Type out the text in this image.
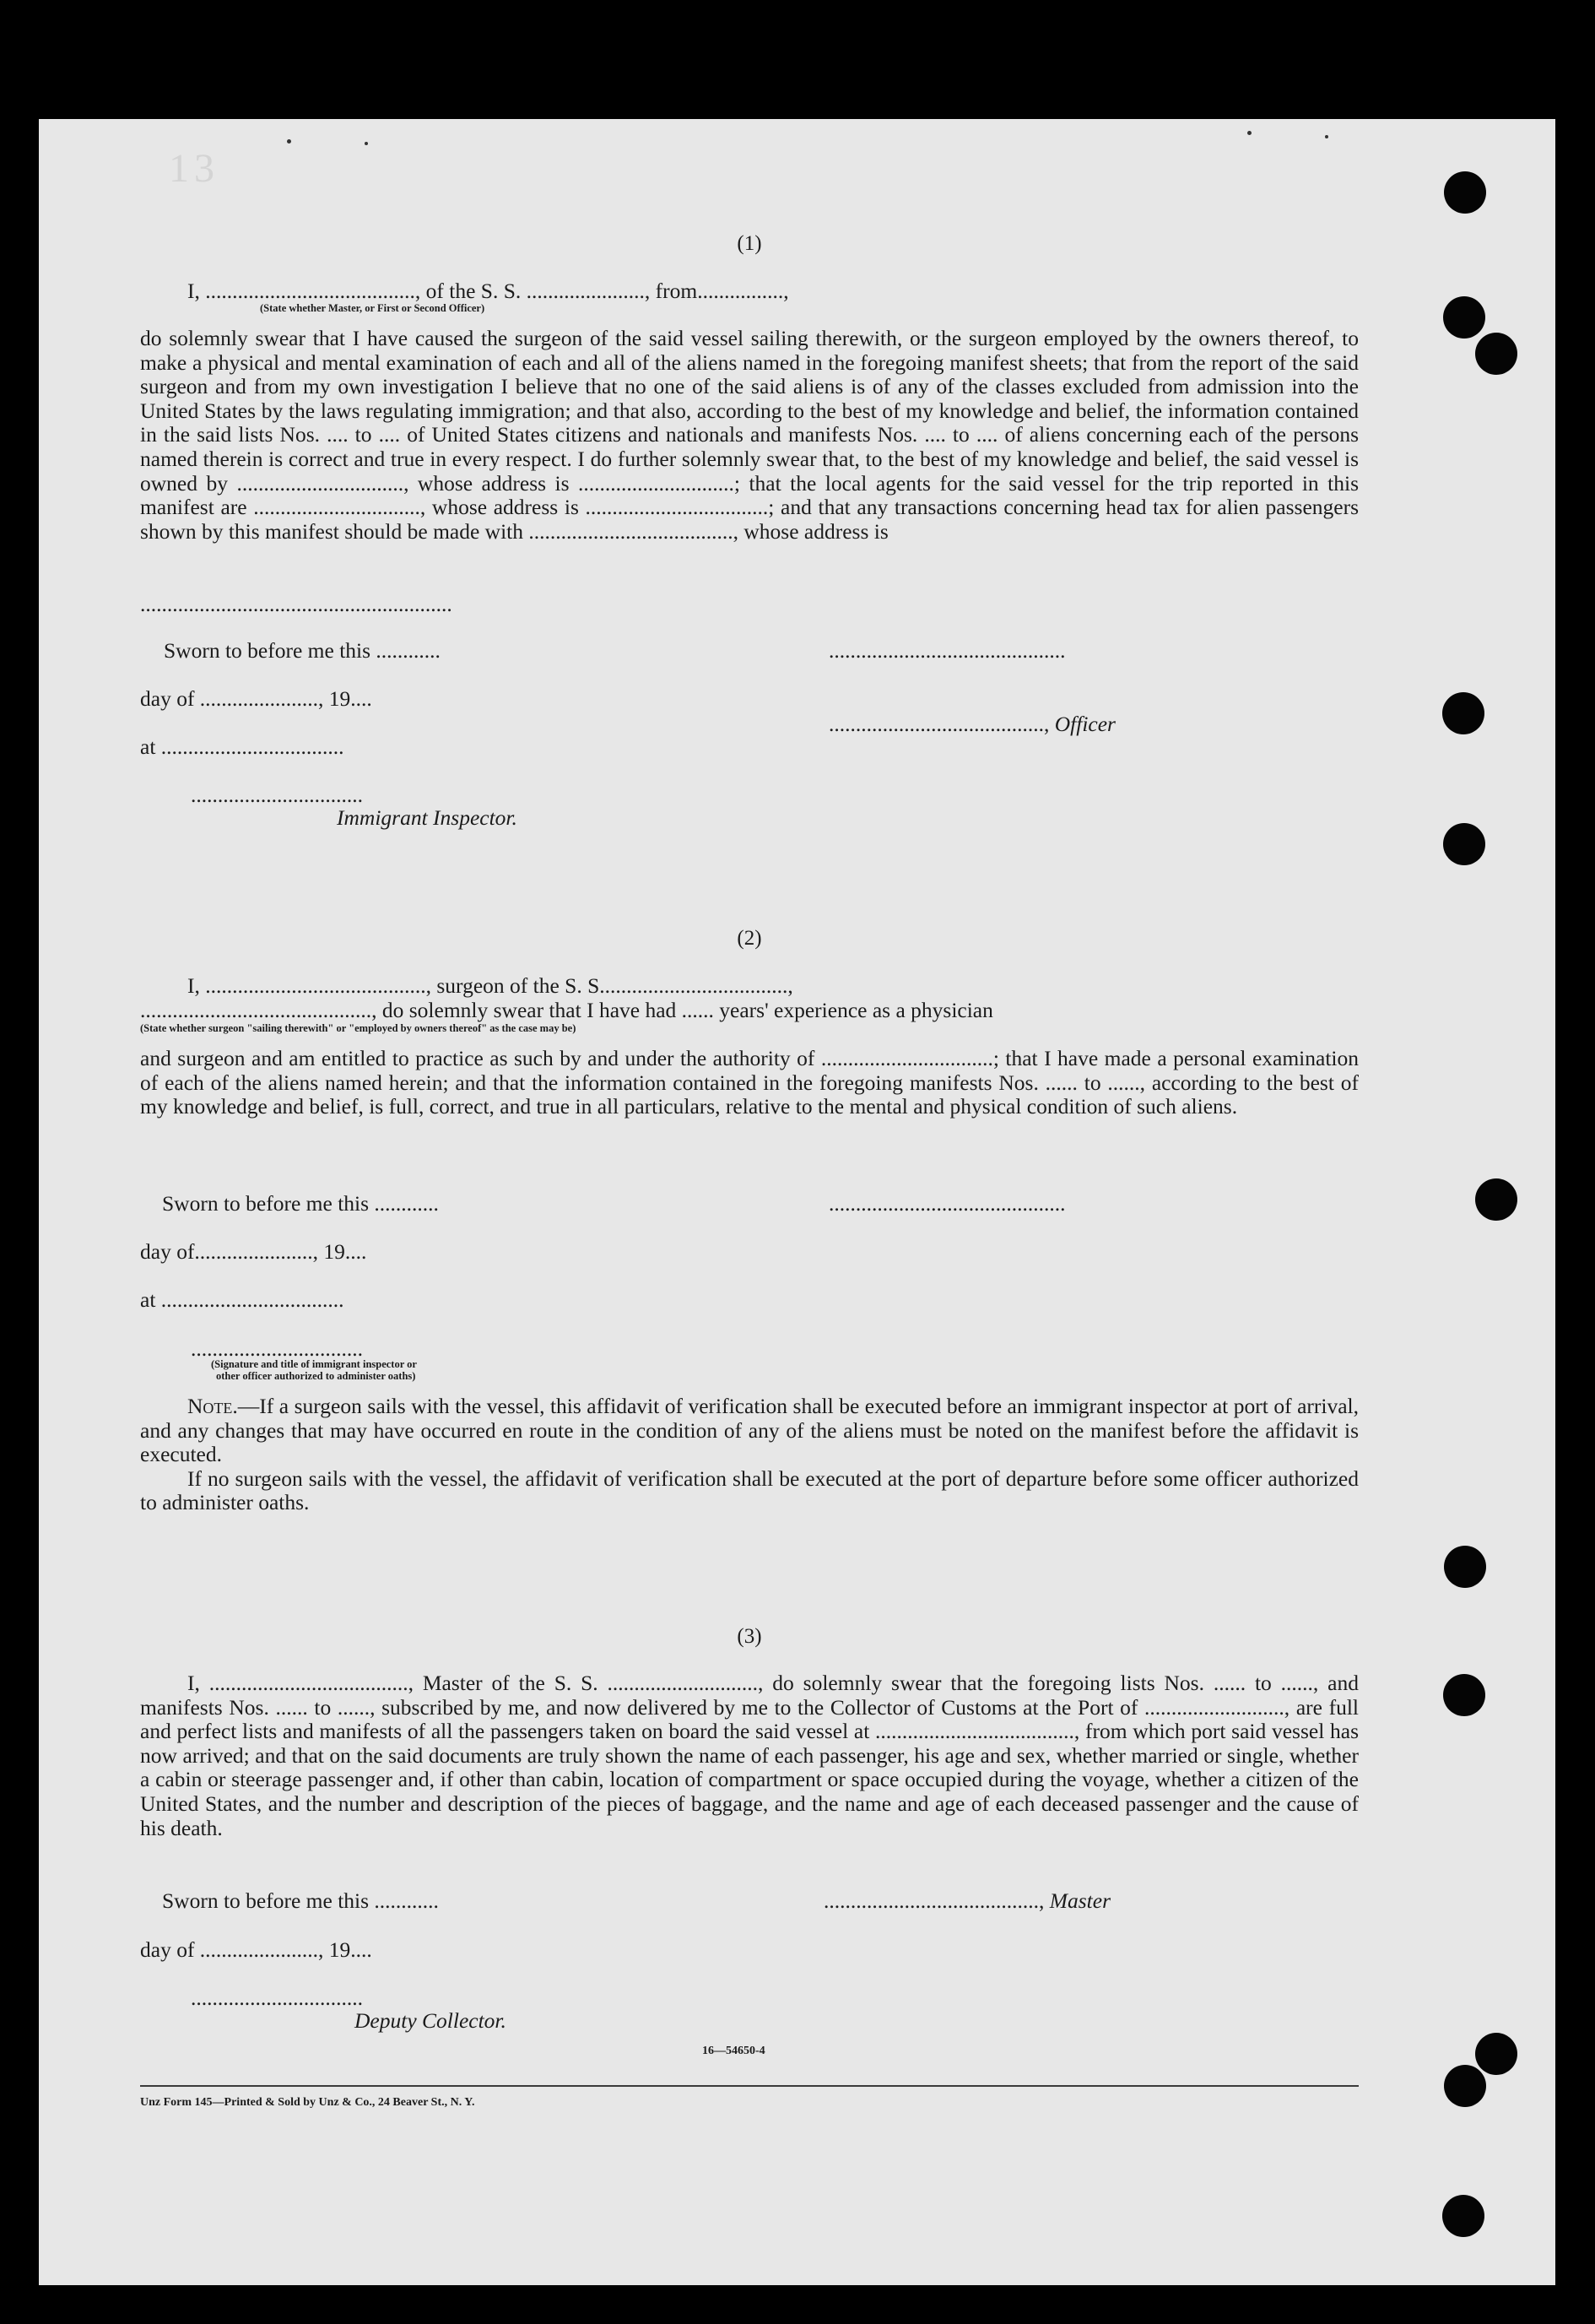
13
(1)
I, ......................................., of the S. S. ......................, from................,
(State whether Master, or First or Second Officer)

do solemnly swear that I have caused the surgeon of the said vessel sailing therewith, or the surgeon employed by the owners thereof, to make a physical and mental examination of each and all of the aliens named in the foregoing manifest sheets; that from the report of the said surgeon and from my own investigation I believe that no one of the said aliens is of any of the classes excluded from admission into the United States by the laws regulating immigration; and that also, according to the best of my knowledge and belief, the information contained in the said lists Nos. .... to .... of United States citizens and nationals and manifests Nos. .... to .... of aliens concerning each of the persons named therein is correct and true in every respect. I do further solemnly swear that, to the best of my knowledge and belief, the said vessel is owned by ..............................., whose address is .............................; that the local agents for the said vessel for the trip reported in this manifest are ..............................., whose address is ..................................; and that any transactions concerning head tax for alien passengers shown by this manifest should be made with ......................................, whose address is

..........................................................
Sworn to before me this ............	............................................
day of ......................, 19....
........................................, Officer
at ..................................
................................
Immigrant Inspector.
(2)
I, ........................................., surgeon of the S. S...................................,
..........................................., do solemnly swear that I have had ...... years' experience as a physician
(State whether surgeon "sailing therewith" or "employed by owners thereof" as the case may be)

and surgeon and am entitled to practice as such by and under the authority of ................................; that I have made a personal examination of each of the aliens named herein; and that the information contained in the foregoing manifests Nos. ...... to ......, according to the best of my knowledge and belief, is full, correct, and true in all particulars, relative to the mental and physical condition of such aliens.

Sworn to before me this ............	............................................
day of......................, 19....
at ..................................
................................
(Signature and title of immigrant inspector or
other officer authorized to administer oaths)

Note.—If a surgeon sails with the vessel, this affidavit of verification shall be executed before an immigrant inspector at port of arrival, and any changes that may have occurred en route in the condition of any of the aliens must be noted on the manifest before the affidavit is executed.

If no surgeon sails with the vessel, the affidavit of verification shall be executed at the port of departure before some officer authorized to administer oaths.

(3)

I, ....................................., Master of the S. S. ............................, do solemnly swear that the foregoing lists Nos. ...... to ......, and manifests Nos. ...... to ......, subscribed by me, and now delivered by me to the Collector of Customs at the Port of .........................., are full and perfect lists and manifests of all the passengers taken on board the said vessel at ....................................., from which port said vessel has now arrived; and that on the said documents are truly shown the name of each passenger, his age and sex, whether married or single, whether a cabin or steerage passenger and, if other than cabin, location of compartment or space occupied during the voyage, whether a citizen of the United States, and the number and description of the pieces of baggage, and the name and age of each deceased passenger and the cause of his death.

Sworn to before me this ............	........................................, Master
day of ......................, 19....
................................
Deputy Collector.
16—54650-4
Unz Form 145—Printed & Sold by Unz & Co., 24 Beaver St., N. Y.
